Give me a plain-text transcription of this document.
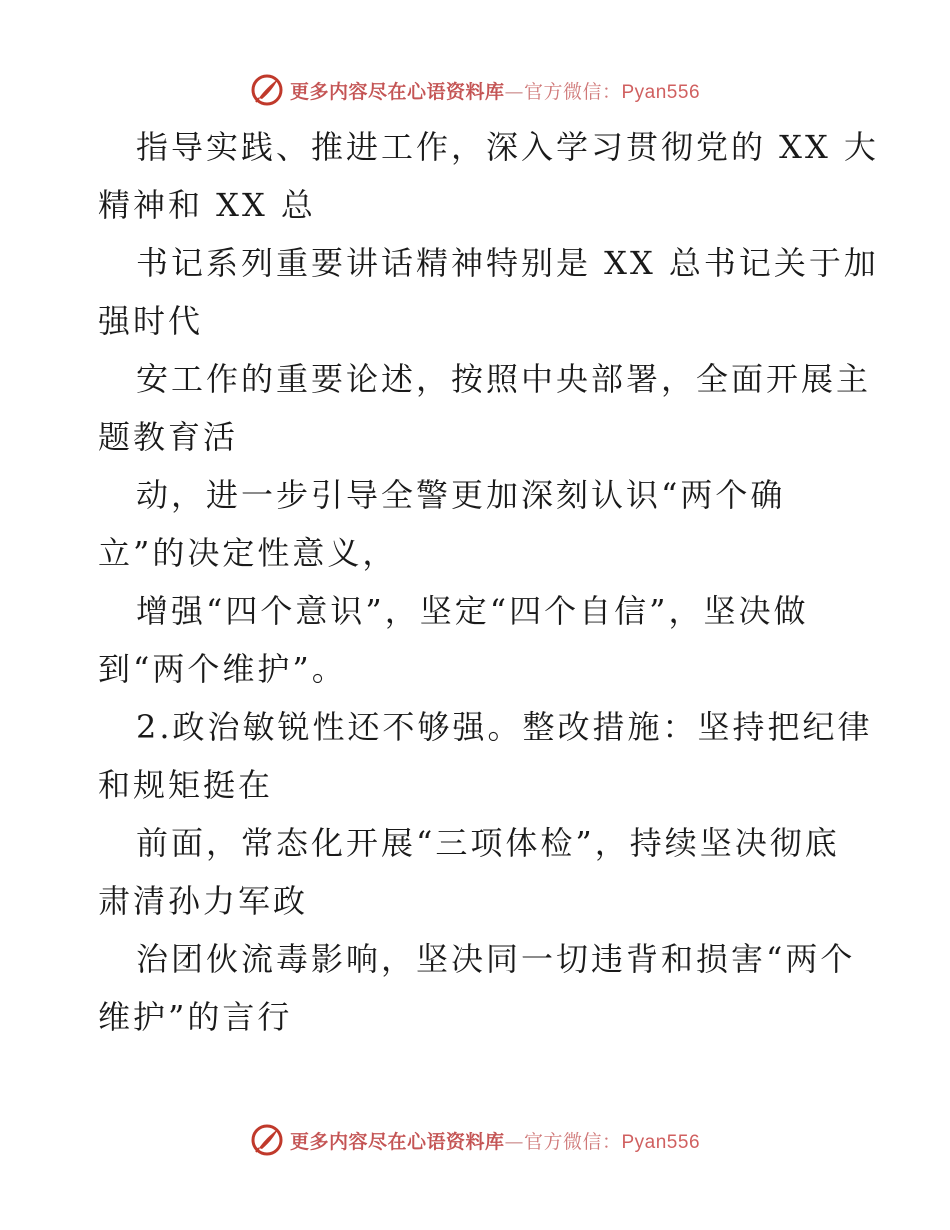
更多内容尽在心语资料库—官方微信：Pyan556

指导实践、推进工作，深入学习贯彻党的 XX 大
精神和 XX 总

书记系列重要讲话精神特别是 XX 总书记关于加
强时代

安工作的重要论述，按照中央部署，全面开展主
题教育活

动，进一步引导全警更加深刻认识“两个确
立”的决定性意义，

增强“四个意识”，坚定“四个自信”，坚决做
到“两个维护”。

2.政治敏锐性还不够强。整改措施：坚持把纪律
和规矩挺在

前面，常态化开展“三项体检”，持续坚决彻底
肃清孙力军政

治团伙流毒影响，坚决同一切违背和损害“两个
维护”的言行

更多内容尽在心语资料库—官方微信：Pyan556
